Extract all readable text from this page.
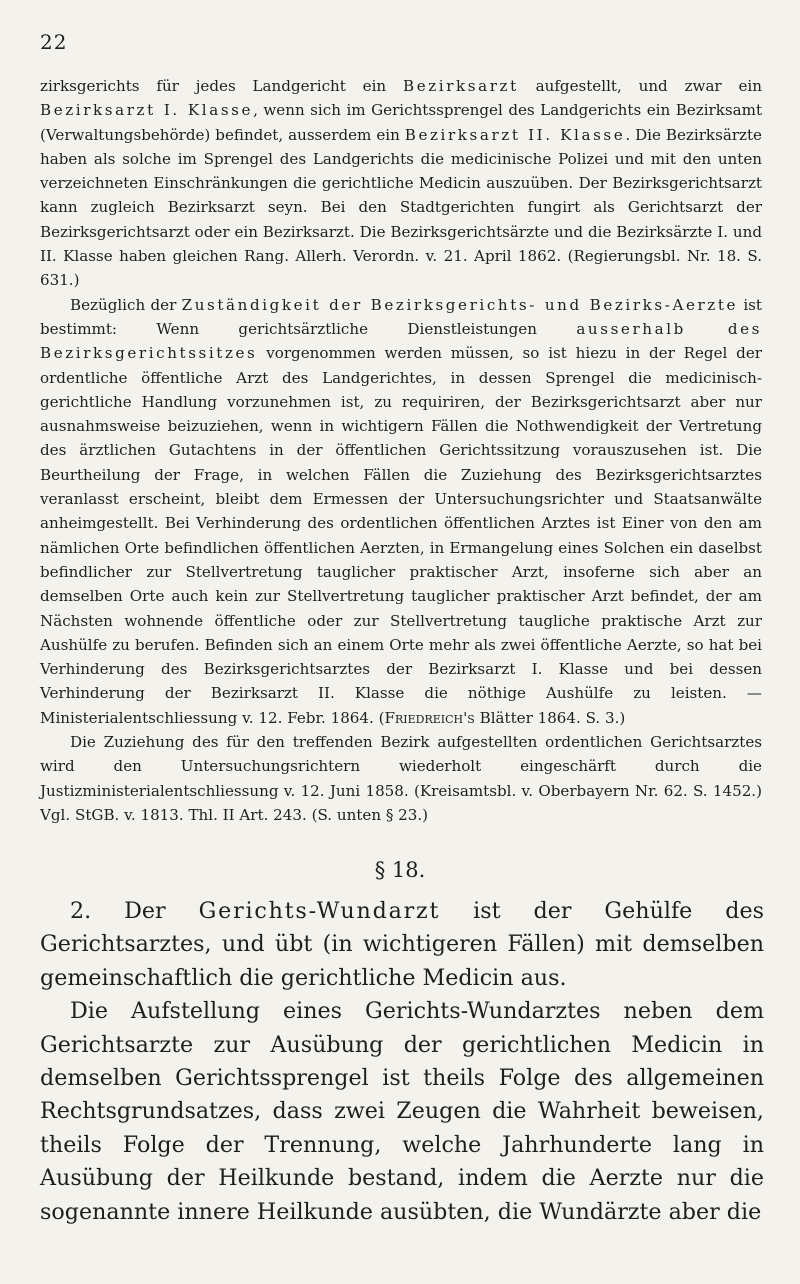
22

zirksgerichts für jedes Landgericht ein Bezirksarzt aufgestellt, und zwar ein Bezirksarzt I. Klasse, wenn sich im Gerichtssprengel des Landgerichts ein Bezirksamt (Verwaltungsbehörde) befindet, ausserdem ein Bezirksarzt II. Klasse. Die Bezirksärzte haben als solche im Sprengel des Landgerichts die medicinische Polizei und mit den unten verzeichneten Einschränkungen die gerichtliche Medicin auszuüben. Der Bezirksgerichtsarzt kann zugleich Bezirksarzt seyn. Bei den Stadtgerichten fungirt als Gerichtsarzt der Bezirksgerichtsarzt oder ein Bezirksarzt. Die Bezirksgerichtsärzte und die Bezirksärzte I. und II. Klasse haben gleichen Rang. Allerh. Verordn. v. 21. April 1862. (Regierungsbl. Nr. 18. S. 631.)

Bezüglich der Zuständigkeit der Bezirksgerichts- und Bezirks-Aerzte ist bestimmt: Wenn gerichtsärztliche Dienstleistungen ausserhalb des Bezirksgerichtssitzes vorgenommen werden müssen, so ist hiezu in der Regel der ordentliche öffentliche Arzt des Landgerichtes, in dessen Sprengel die medicinisch-gerichtliche Handlung vorzunehmen ist, zu requiriren, der Bezirksgerichtsarzt aber nur ausnahmsweise beizuziehen, wenn in wichtigern Fällen die Nothwendigkeit der Vertretung des ärztlichen Gutachtens in der öffentlichen Gerichtssitzung vorauszusehen ist. Die Beurtheilung der Frage, in welchen Fällen die Zuziehung des Bezirksgerichtsarztes veranlasst erscheint, bleibt dem Ermessen der Untersuchungsrichter und Staatsanwälte anheimgestellt. Bei Verhinderung des ordentlichen öffentlichen Arztes ist Einer von den am nämlichen Orte befindlichen öffentlichen Aerzten, in Ermangelung eines Solchen ein daselbst befindlicher zur Stellvertretung tauglicher praktischer Arzt, insoferne sich aber an demselben Orte auch kein zur Stellvertretung tauglicher praktischer Arzt befindet, der am Nächsten wohnende öffentliche oder zur Stellvertretung taugliche praktische Arzt zur Aushülfe zu berufen. Befinden sich an einem Orte mehr als zwei öffentliche Aerzte, so hat bei Verhinderung des Bezirksgerichtsarztes der Bezirksarzt I. Klasse und bei dessen Verhinderung der Bezirksarzt II. Klasse die nöthige Aushülfe zu leisten. — Ministerialentschliessung v. 12. Febr. 1864. (Friedreich's Blätter 1864. S. 3.)

Die Zuziehung des für den treffenden Bezirk aufgestellten ordentlichen Gerichtsarztes wird den Untersuchungsrichtern wiederholt eingeschärft durch die Justizministerialentschliessung v. 12. Juni 1858. (Kreisamtsbl. v. Oberbayern Nr. 62. S. 1452.) Vgl. StGB. v. 1813. Thl. II Art. 243. (S. unten § 23.)

§ 18.

2. Der Gerichts-Wundarzt ist der Gehülfe des Gerichtsarztes, und übt (in wichtigeren Fällen) mit demselben gemeinschaftlich die gerichtliche Medicin aus.

Die Aufstellung eines Gerichts-Wundarztes neben dem Gerichtsarzte zur Ausübung der gerichtlichen Medicin in demselben Gerichtssprengel ist theils Folge des allgemeinen Rechtsgrundsatzes, dass zwei Zeugen die Wahrheit beweisen, theils Folge der Trennung, welche Jahrhunderte lang in Ausübung der Heilkunde bestand, indem die Aerzte nur die sogenannte innere Heilkunde ausübten, die Wundärzte aber die
